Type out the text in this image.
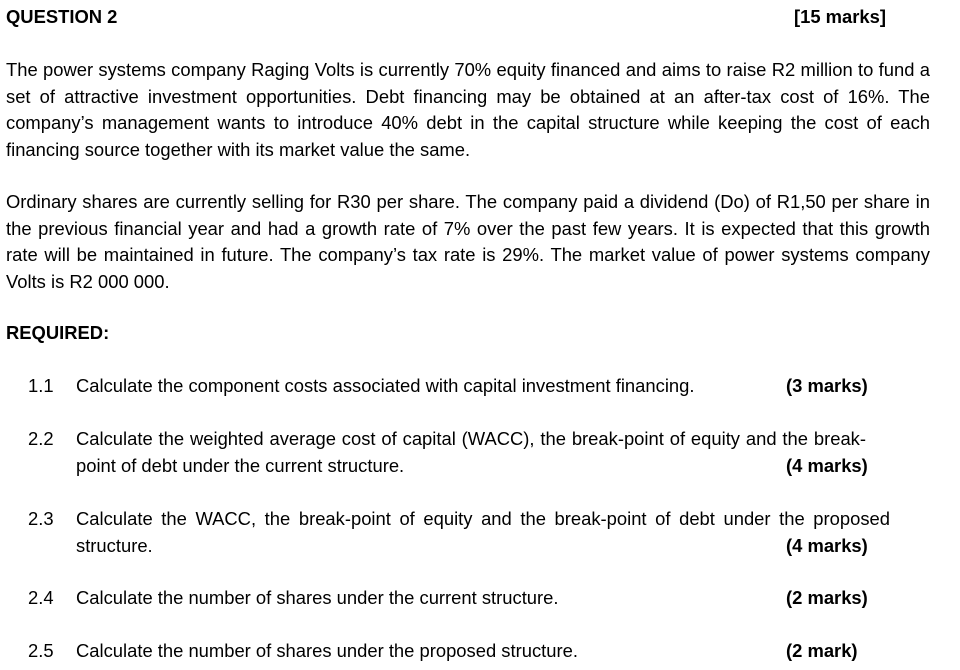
QUESTION 2	[15 marks]

The power systems company Raging Volts is currently 70% equity financed and aims to raise R2 million to fund a set of attractive investment opportunities. Debt financing may be obtained at an after-tax cost of 16%. The company’s management wants to introduce 40% debt in the capital structure while keeping the cost of each financing source together with its market value the same.

Ordinary shares are currently selling for R30 per share. The company paid a dividend (Do) of R1,50 per share in the previous financial year and had a growth rate of 7% over the past few years. It is expected that this growth rate will be maintained in future. The company’s tax rate is 29%. The market value of power systems company Volts is R2 000 000.

REQUIRED:
1.1	Calculate the component costs associated with capital investment financing.	(3 marks)
2.2	Calculate the weighted average cost of capital (WACC), the break-point of equity and the break-point of debt under the current structure.	(4 marks)
2.3	Calculate the WACC, the break-point of equity and the break-point of debt under the proposed structure.	(4 marks)
2.4	Calculate the number of shares under the current structure.	(2 marks)
2.5	Calculate the number of shares under the proposed structure.	(2 mark)
